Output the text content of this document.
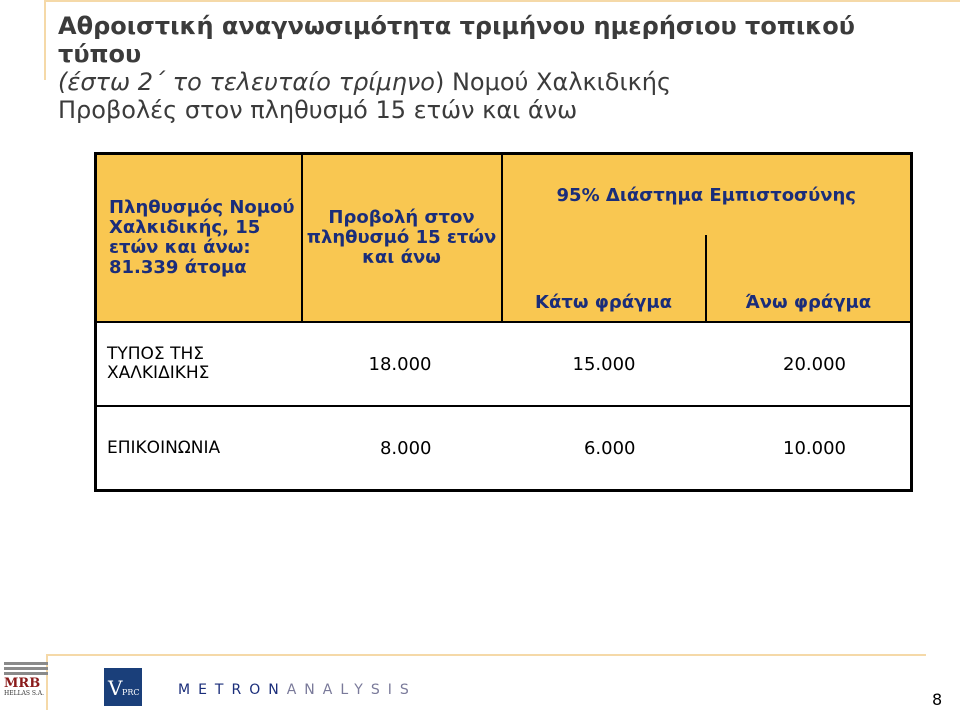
Αθροιστική αναγνωσιμότητα τριμήνου ημερήσιου τοπικού τύπου
(έστω 2΄ το τελευταίο τρίμηνο) Νομού Χαλκιδικής
Προβολές στον πληθυσμό 15 ετών και άνω
Πληθυσμός Νομού Χαλκιδικής, 15 ετών και άνω: 81.339 άτομα	Προβολή στον πληθυσμό 15 ετών και άνω	95% Διάστημα Εμπιστοσύνης	
		Κάτω φράγμα	Άνω φράγμα
ΤΥΠΟΣ ΤΗΣ ΧΑΛΚΙΔΙΚΗΣ	18.000	15.000	20.000
ΕΠΙΚΟΙΝΩΝΙΑ	8.000	6.000	10.000
MRB
HELLAS S.A.	V PRC	METRONANALYSIS	8
